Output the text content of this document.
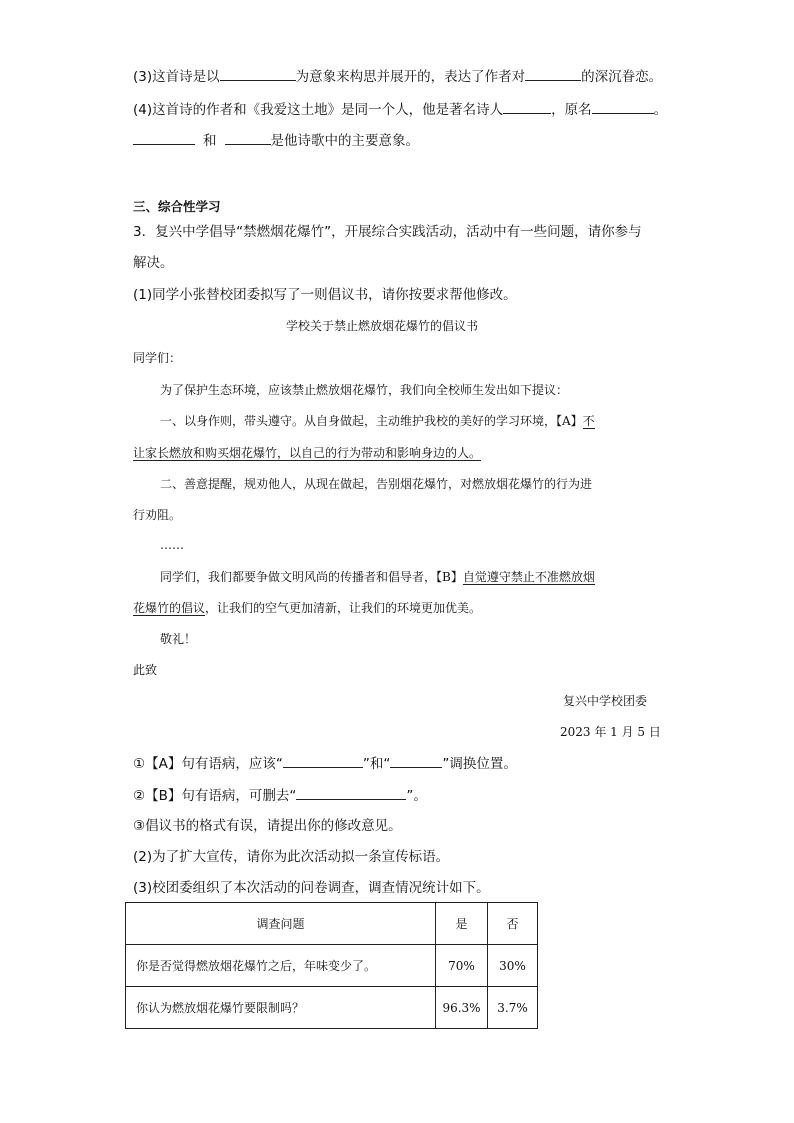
(3)这首诗是以	为意象来构思并展开的，表达了作者对	的深沉眷恋。
(4)这首诗的作者和《我爱这土地》是同一个人，他是著名诗人	，原名	。
和	是他诗歌中的主要意象。
三、综合性学习
3．复兴中学倡导“禁燃烟花爆竹”，开展综合实践活动，活动中有一些问题，请你参与
解决。
(1)同学小张替校团委拟写了一则倡议书，请你按要求帮他修改。
学校关于禁止燃放烟花爆竹的倡议书
同学们：
为了保护生态环境，应该禁止燃放烟花爆竹，我们向全校师生发出如下提议：
一、以身作则，带头遵守。从自身做起，主动维护我校的美好的学习环境，【A】不
让家长燃放和购买烟花爆竹，以自己的行为带动和影响身边的人。
二、善意提醒，规劝他人，从现在做起，告别烟花爆竹，对燃放烟花爆竹的行为进
行劝阻。
……
同学们，我们都要争做文明风尚的传播者和倡导者，【B】自觉遵守禁止不准燃放烟
花爆竹的倡议，让我们的空气更加清新，让我们的环境更加优美。
敬礼！
此致
复兴中学校团委
2023 年 1 月 5 日
①【A】句有语病，应该“	”和“	”调换位置。
②【B】句有语病，可删去“	”。
③倡议书的格式有误，请提出你的修改意见。
(2)为了扩大宣传，请你为此次活动拟一条宣传标语。
(3)校团委组织了本次活动的问卷调查，调查情况统计如下。
调查问题	是	否
你是否觉得燃放烟花爆竹之后，年味变少了。	70%	30%
你认为燃放烟花爆竹要限制吗？	96.3%	3.7%
